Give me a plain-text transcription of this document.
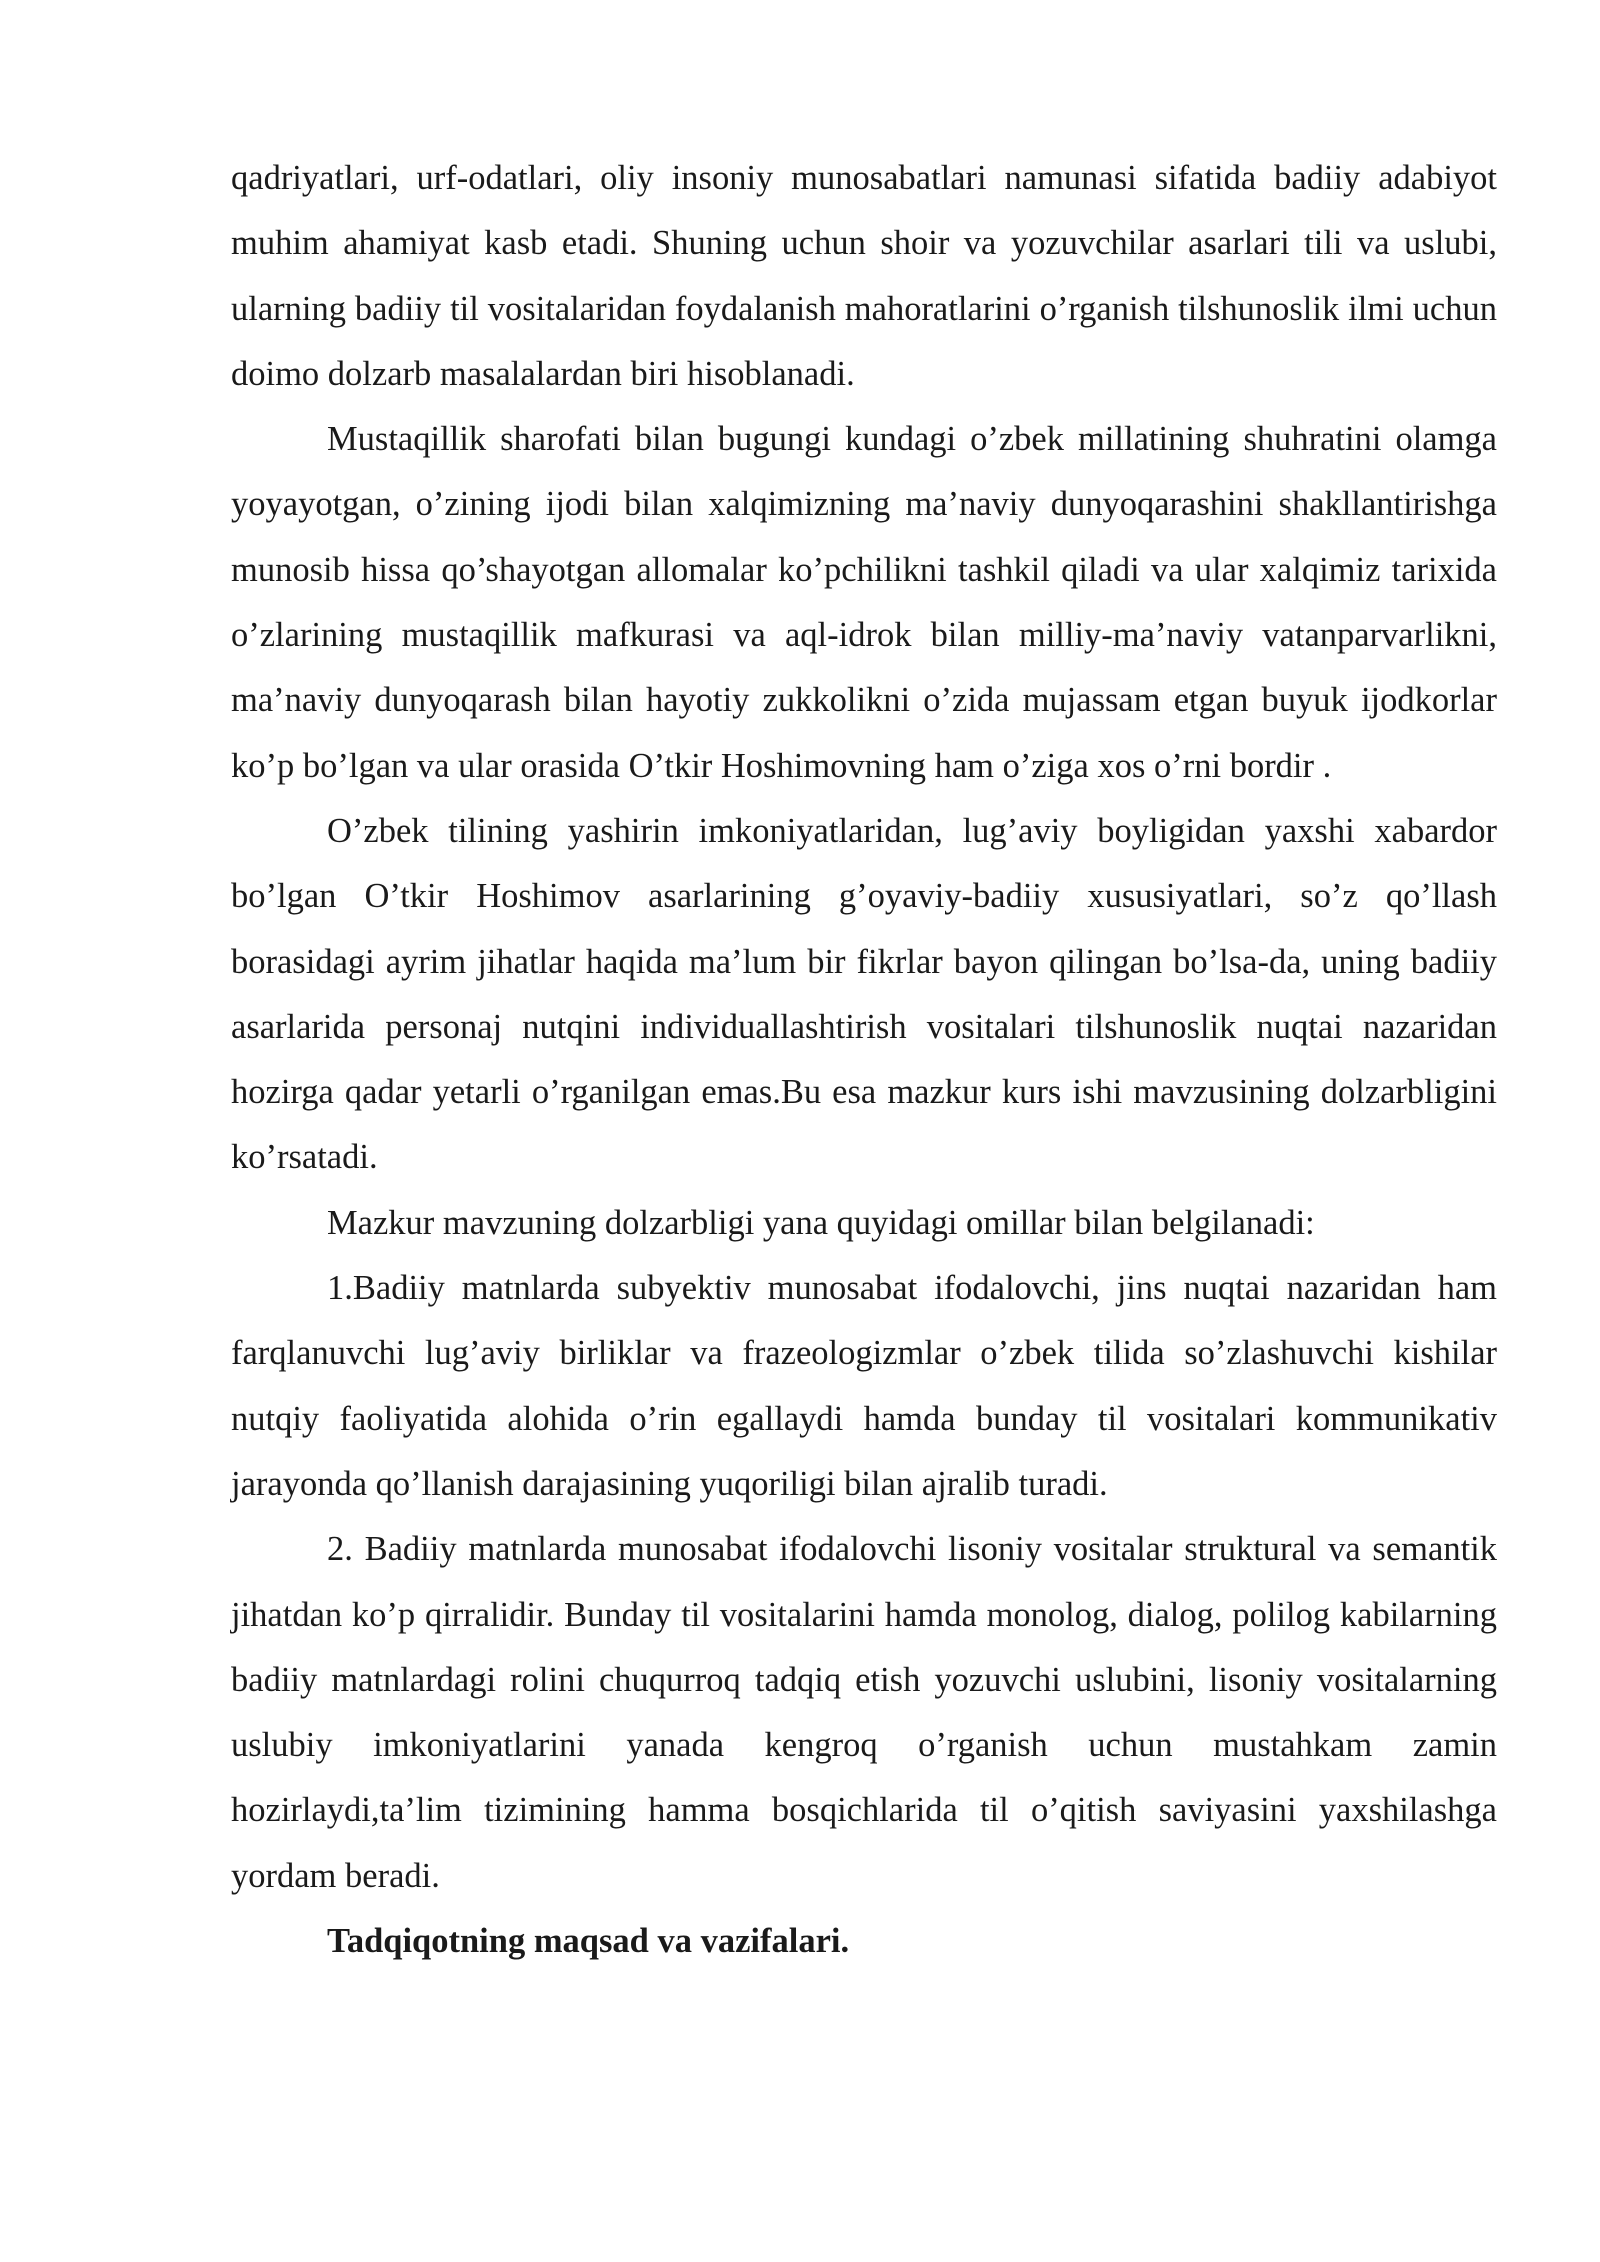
qadriyatlari, urf-odatlari, oliy insoniy munosabatlari namunasi sifatida badiiy adabiyot muhim ahamiyat kasb etadi. Shuning uchun shoir va yozuvchilar asarlari tili va uslubi, ularning badiiy til vositalaridan foydalanish mahoratlarini o’rganish tilshunoslik ilmi uchun doimo dolzarb masalalardan biri hisoblanadi.

Mustaqillik sharofati bilan bugungi kundagi o’zbek millatining shuhratini olamga yoyayotgan, o’zining ijodi bilan xalqimizning ma’naviy dunyoqarashini shakllantirishga munosib hissa qo’shayotgan allomalar ko’pchilikni tashkil qiladi va ular xalqimiz tarixida o’zlarining mustaqillik mafkurasi va aql-idrok bilan milliy-ma’naviy vatanparvarlikni, ma’naviy dunyoqarash bilan hayotiy zukkolikni o’zida mujassam etgan buyuk ijodkorlar ko’p bo’lgan va ular orasida O’tkir Hoshimovning ham o’ziga xos o’rni bordir .

O’zbek tilining yashirin imkoniyatlaridan, lug’aviy boyligidan yaxshi xabardor bo’lgan O’tkir Hoshimov asarlarining g’oyaviy-badiiy xususiyatlari, so’z qo’llash borasidagi ayrim jihatlar haqida ma’lum bir fikrlar bayon qilingan bo’lsa-da, uning badiiy asarlarida personaj nutqini individuallashtirish vositalari tilshunoslik nuqtai nazaridan hozirga qadar yetarli o’rganilgan emas.Bu esa mazkur kurs ishi mavzusining dolzarbligini ko’rsatadi.

Mazkur mavzuning dolzarbligi yana quyidagi omillar bilan belgilanadi:

1.Badiiy matnlarda subyektiv munosabat ifodalovchi, jins nuqtai nazaridan ham farqlanuvchi lug’aviy birliklar va frazeologizmlar o’zbek tilida so’zlashuvchi kishilar nutqiy faoliyatida alohida o’rin egallaydi hamda bunday til vositalari kommunikativ jarayonda qo’llanish darajasining yuqoriligi bilan ajralib turadi.

2. Badiiy matnlarda munosabat ifodalovchi lisoniy vositalar struktural va semantik jihatdan ko’p qirralidir. Bunday til vositalarini hamda monolog, dialog, polilog kabilarning badiiy matnlardagi rolini chuqurroq tadqiq etish yozuvchi uslubini, lisoniy vositalarning uslubiy imkoniyatlarini yanada kengroq o’rganish uchun mustahkam zamin hozirlaydi,ta’lim tizimining hamma bosqichlarida til o’qitish saviyasini yaxshilashga yordam beradi.

Tadqiqotning maqsad va vazifalari.
